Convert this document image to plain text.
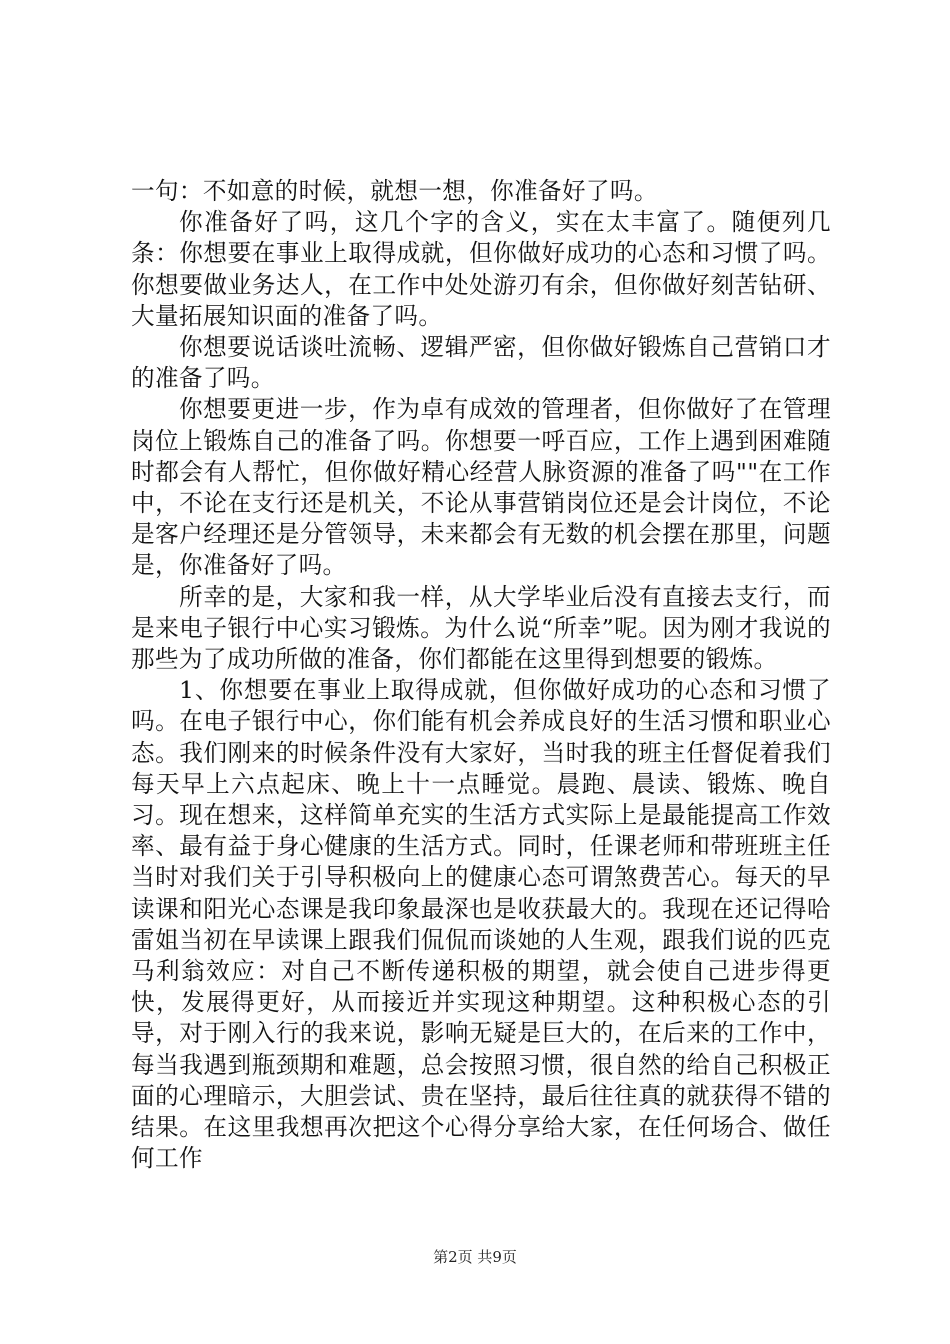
一句：不如意的时候，就想一想，你准备好了吗。

你准备好了吗，这几个字的含义，实在太丰富了。随便列几条：你想要在事业上取得成就，但你做好成功的心态和习惯了吗。你想要做业务达人，在工作中处处游刃有余，但你做好刻苦钻研、大量拓展知识面的准备了吗。

你想要说话谈吐流畅、逻辑严密，但你做好锻炼自己营销口才的准备了吗。

你想要更进一步，作为卓有成效的管理者，但你做好了在管理岗位上锻炼自己的准备了吗。你想要一呼百应，工作上遇到困难随时都会有人帮忙，但你做好精心经营人脉资源的准备了吗""在工作中，不论在支行还是机关，不论从事营销岗位还是会计岗位，不论是客户经理还是分管领导，未来都会有无数的机会摆在那里，问题是，你准备好了吗。

所幸的是，大家和我一样，从大学毕业后没有直接去支行，而是来电子银行中心实习锻炼。为什么说“所幸”呢。因为刚才我说的那些为了成功所做的准备，你们都能在这里得到想要的锻炼。

1、你想要在事业上取得成就，但你做好成功的心态和习惯了吗。在电子银行中心，你们能有机会养成良好的生活习惯和职业心态。我们刚来的时候条件没有大家好，当时我的班主任督促着我们每天早上六点起床、晚上十一点睡觉。晨跑、晨读、锻炼、晚自习。现在想来，这样简单充实的生活方式实际上是最能提高工作效率、最有益于身心健康的生活方式。同时，任课老师和带班班主任当时对我们关于引导积极向上的健康心态可谓煞费苦心。每天的早读课和阳光心态课是我印象最深也是收获最大的。我现在还记得哈雷姐当初在早读课上跟我们侃侃而谈她的人生观，跟我们说的匹克马利翁效应：对自己不断传递积极的期望，就会使自己进步得更快，发展得更好，从而接近并实现这种期望。这种积极心态的引导，对于刚入行的我来说，影响无疑是巨大的，在后来的工作中，每当我遇到瓶颈期和难题，总会按照习惯，很自然的给自己积极正面的心理暗示，大胆尝试、贵在坚持，最后往往真的就获得不错的结果。在这里我想再次把这个心得分享给大家，在任何场合、做任何工作

第2页 共9页
